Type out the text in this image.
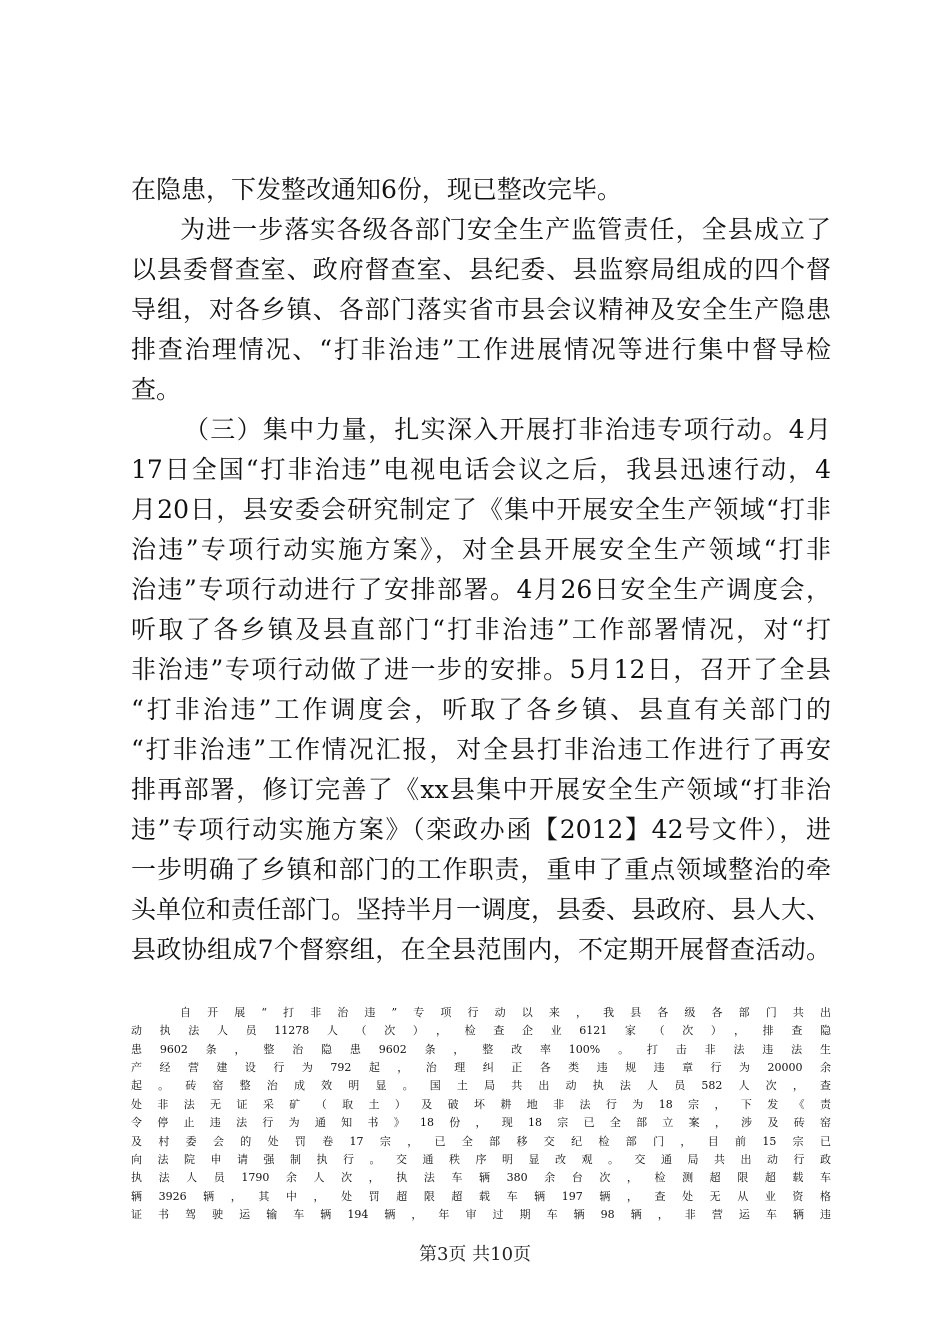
在隐患，下发整改通知6份，现已整改完毕。
为进一步落实各级各部门安全生产监管责任，全县成立了
以县委督查室、政府督查室、县纪委、县监察局组成的四个督
导组，对各乡镇、各部门落实省市县会议精神及安全生产隐患
排查治理情况、“打非治违”工作进展情况等进行集中督导检
查。
（三）集中力量，扎实深入开展打非治违专项行动。4月
17日全国“打非治违”电视电话会议之后，我县迅速行动，4
月20日，县安委会研究制定了《集中开展安全生产领域“打非
治违”专项行动实施方案》，对全县开展安全生产领域“打非
治违”专项行动进行了安排部署。4月26日安全生产调度会，
听取了各乡镇及县直部门“打非治违”工作部署情况，对“打
非治违”专项行动做了进一步的安排。5月12日，召开了全县
“打非治违”工作调度会，听取了各乡镇、县直有关部门的
“打非治违”工作情况汇报，对全县打非治违工作进行了再安
排再部署，修订完善了《xx县集中开展安全生产领域“打非治
违”专项行动实施方案》（栾政办函【2012】42号文件），进
一步明确了乡镇和部门的工作职责，重申了重点领域整治的牵
头单位和责任部门。坚持半月一调度，县委、县政府、县人大、
县政协组成7个督察组，在全县范围内，不定期开展督查活动。
自开展“打非治违”专项行动以来，我县各级各部门共出
动执法人员11278人（次），检查企业6121家（次），排查隐
患9602条，整治隐患9602条，整改率100%。打击非法违法生
产经营建设行为792起，治理纠正各类违规违章行为20000余
起。砖窑整治成效明显。国土局共出动执法人员582人次，查
处非法无证采矿（取土）及破坏耕地非法行为18宗，下发《责
第3页 共10页
令停止违法行为通知书》18份，现18宗已全部立案，涉及砖窑
及村委会的处罚卷17宗，已全部移交纪检部门，目前15宗已
向法院申请强制执行。交通秩序明显改观。交通局共出动行政
执法人员1790余人次，执法车辆380余台次，检测超限超载车
辆3926辆，其中，处罚超限超载车辆197辆，查处无从业资格
证书驾驶运输车辆194辆，年审过期车辆98辆，非营运车辆违
